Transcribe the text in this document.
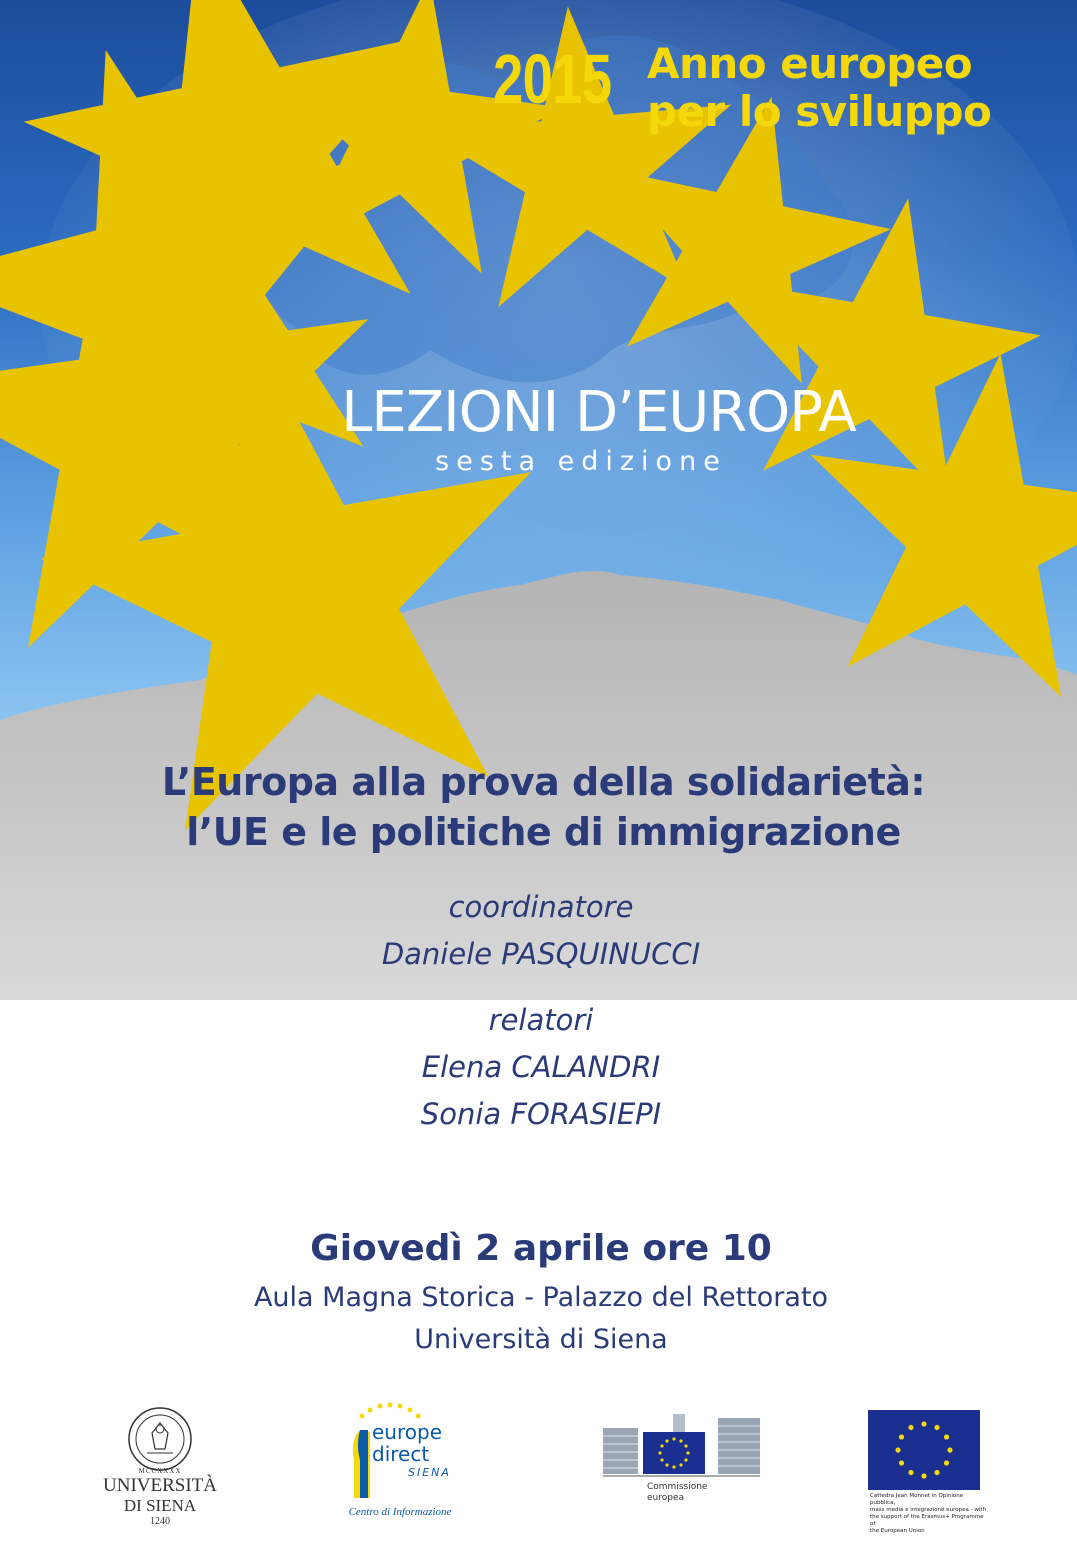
2015 Anno europeo
per lo sviluppo
LEZIONI D’EUROPA
sesta edizione
L’Europa alla prova della solidarietà:
l’UE e le politiche di immigrazione
coordinatore
Daniele PASQUINUCCI
relatori
Elena CALANDRI
Sonia FORASIEPI
Giovedì 2 aprile ore 10
Aula Magna Storica - Palazzo del Rettorato
Università di Siena
MCCXXXX
UNIVERSITÀ
DI SIENA
1240
europe
direct
SIENA
Centro di Informazione
Commissione
europea	Cattedra Jean Monnet in Opinione pubblica,
mass media e integrazione europea - with
the support of the Erasmus+ Programme of
the European Union
